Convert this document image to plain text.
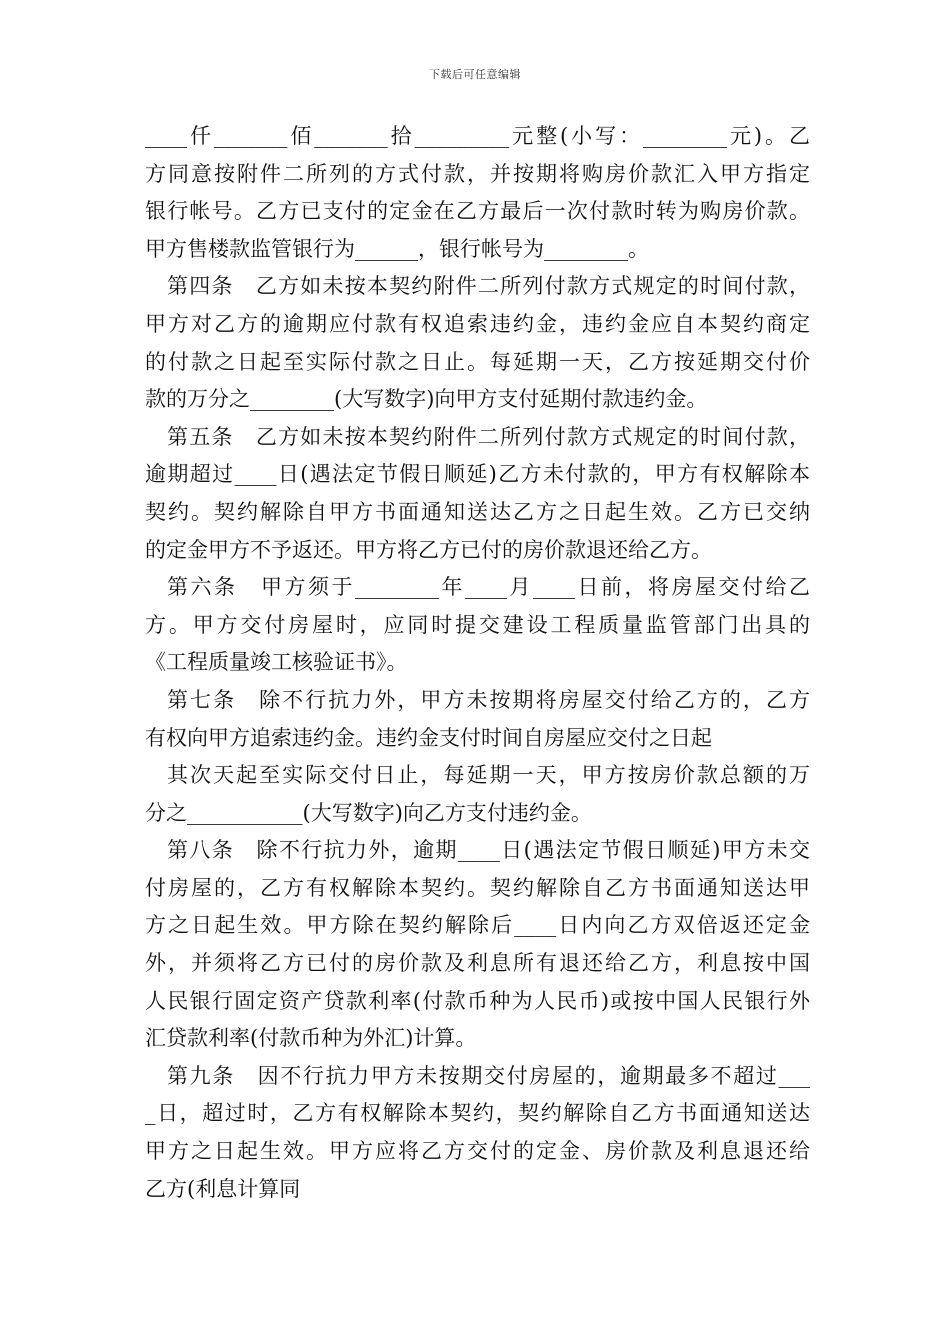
下载后可任意编辑
____仟_______佰_______拾_________元整(小写：________元)。乙
方同意按附件二所列的方式付款，并按期将购房价款汇入甲方指定
银行帐号。乙方已支付的定金在乙方最后一次付款时转为购房价款。
甲方售楼款监管银行为______，银行帐号为________。
第四条　乙方如未按本契约附件二所列付款方式规定的时间付款，
甲方对乙方的逾期应付款有权追索违约金，违约金应自本契约商定
的付款之日起至实际付款之日止。每延期一天，乙方按延期交付价
款的万分之________(大写数字)向甲方支付延期付款违约金。
第五条　乙方如未按本契约附件二所列付款方式规定的时间付款，
逾期超过____日(遇法定节假日顺延)乙方未付款的，甲方有权解除本
契约。契约解除自甲方书面通知送达乙方之日起生效。乙方已交纳
的定金甲方不予返还。甲方将乙方已付的房价款退还给乙方。
第六条　甲方须于________年____月____日前，将房屋交付给乙
方。甲方交付房屋时，应同时提交建设工程质量监管部门出具的
《工程质量竣工核验证书》。
第七条　除不行抗力外，甲方未按期将房屋交付给乙方的，乙方
有权向甲方追索违约金。违约金支付时间自房屋应交付之日起
其次天起至实际交付日止，每延期一天，甲方按房价款总额的万
分之___________(大写数字)向乙方支付违约金。
第八条　除不行抗力外，逾期____日(遇法定节假日顺延)甲方未交
付房屋的，乙方有权解除本契约。契约解除自乙方书面通知送达甲
方之日起生效。甲方除在契约解除后____日内向乙方双倍返还定金
外，并须将乙方已付的房价款及利息所有退还给乙方，利息按中国
人民银行固定资产贷款利率(付款币种为人民币)或按中国人民银行外
汇贷款利率(付款币种为外汇)计算。
第九条　因不行抗力甲方未按期交付房屋的，逾期最多不超过___
_日，超过时，乙方有权解除本契约，契约解除自乙方书面通知送达
甲方之日起生效。甲方应将乙方交付的定金、房价款及利息退还给
乙方(利息计算同
